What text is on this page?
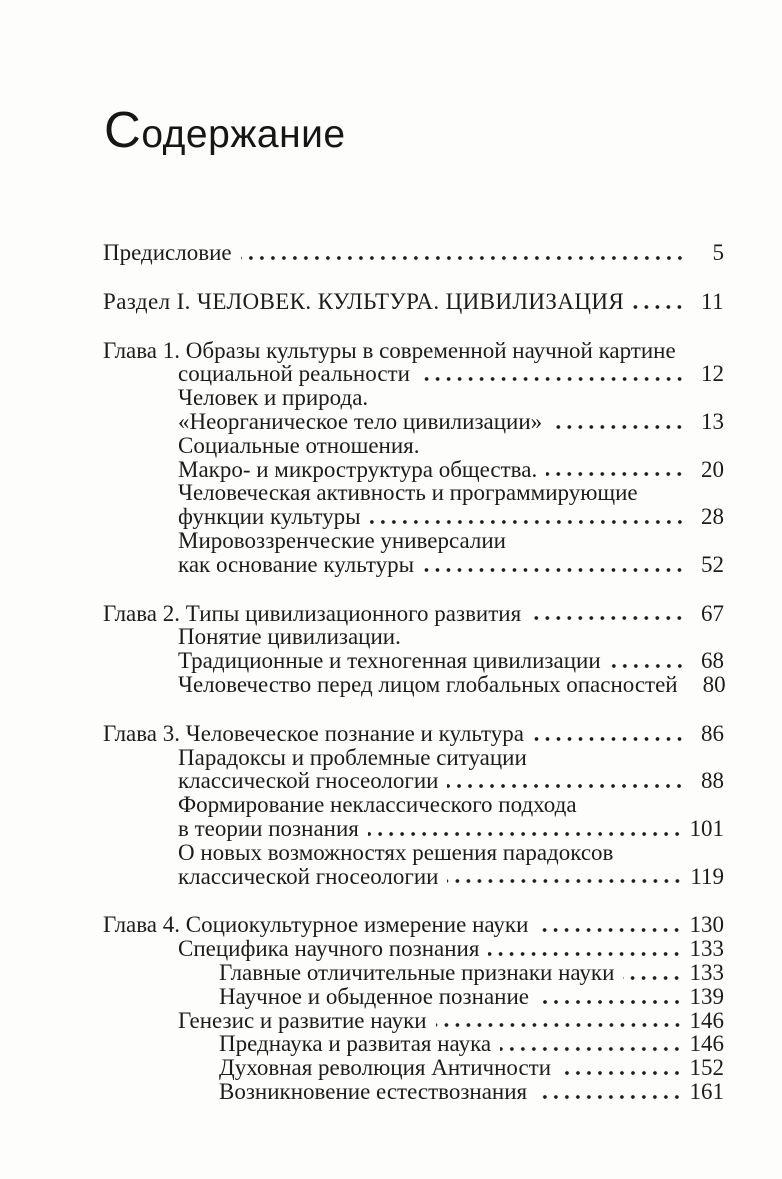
Содержание
Предисловие	5
Раздел I. ЧЕЛОВЕК. КУЛЬТУРА. ЦИВИЛИЗАЦИЯ	11
Глава 1. Образы культуры в современной научной картине
социальной реальности	12
Человек и природа.
«Неорганическое тело цивилизации»	13
Социальные отношения.
Макро- и микроструктура общества.	20
Человеческая активность и программирующие
функции культуры	28
Мировоззренческие универсалии
как основание культуры	52
Глава 2. Типы цивилизационного развития	67
Понятие цивилизации.
Традиционные и техногенная цивилизации	68
Человечество перед лицом глобальных опасностей	80
Глава 3. Человеческое познание и культура	86
Парадоксы и проблемные ситуации
классической гносеологии	88
Формирование неклассического подхода
в теории познания	101
О новых возможностях решения парадоксов
классической гносеологии	119
Глава 4. Социокультурное измерение науки	130
Специфика научного познания	133
Главные отличительные признаки науки	133
Научное и обыденное познание	139
Генезис и развитие науки	146
Преднаука и развитая наука	146
Духовная революция Античности	152
Возникновение естествознания	161
